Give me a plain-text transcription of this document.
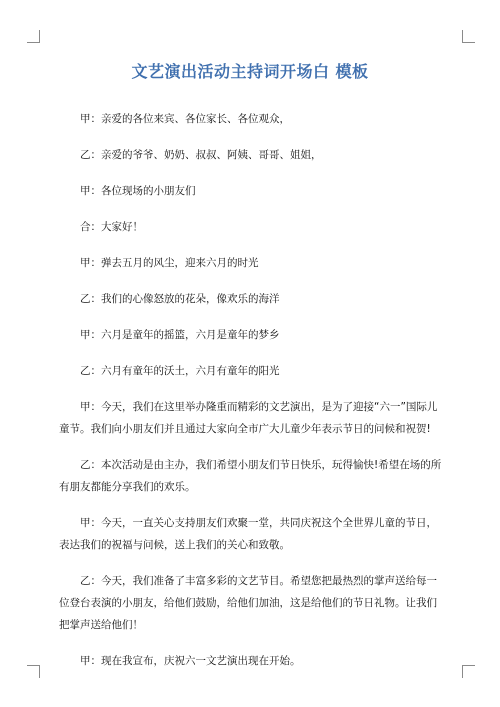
文艺演出活动主持词开场白 模板

甲：亲爱的各位来宾、各位家长、各位观众，

乙：亲爱的爷爷、奶奶、叔叔、阿姨、哥哥、姐姐，

甲：各位现场的小朋友们

合：大家好！

甲：弹去五月的风尘，迎来六月的时光

乙：我们的心像怒放的花朵，像欢乐的海洋

甲：六月是童年的摇篮，六月是童年的梦乡

乙：六月有童年的沃土，六月有童年的阳光

甲：今天，我们在这里举办隆重而精彩的文艺演出，是为了迎接“六一”国际儿童节。我们向小朋友们并且通过大家向全市广大儿童少年表示节日的问候和祝贺!

乙：本次活动是由主办，我们希望小朋友们节日快乐，玩得愉快!希望在场的所有朋友都能分享我们的欢乐。

甲：今天，一直关心支持朋友们欢聚一堂，共同庆祝这个全世界儿童的节日，表达我们的祝福与问候，送上我们的关心和致敬。

乙：今天，我们准备了丰富多彩的文艺节目。希望您把最热烈的掌声送给每一位登台表演的小朋友，给他们鼓励，给他们加油，这是给他们的节日礼物。让我们把掌声送给他们！

甲：现在我宣布，庆祝六一文艺演出现在开始。
